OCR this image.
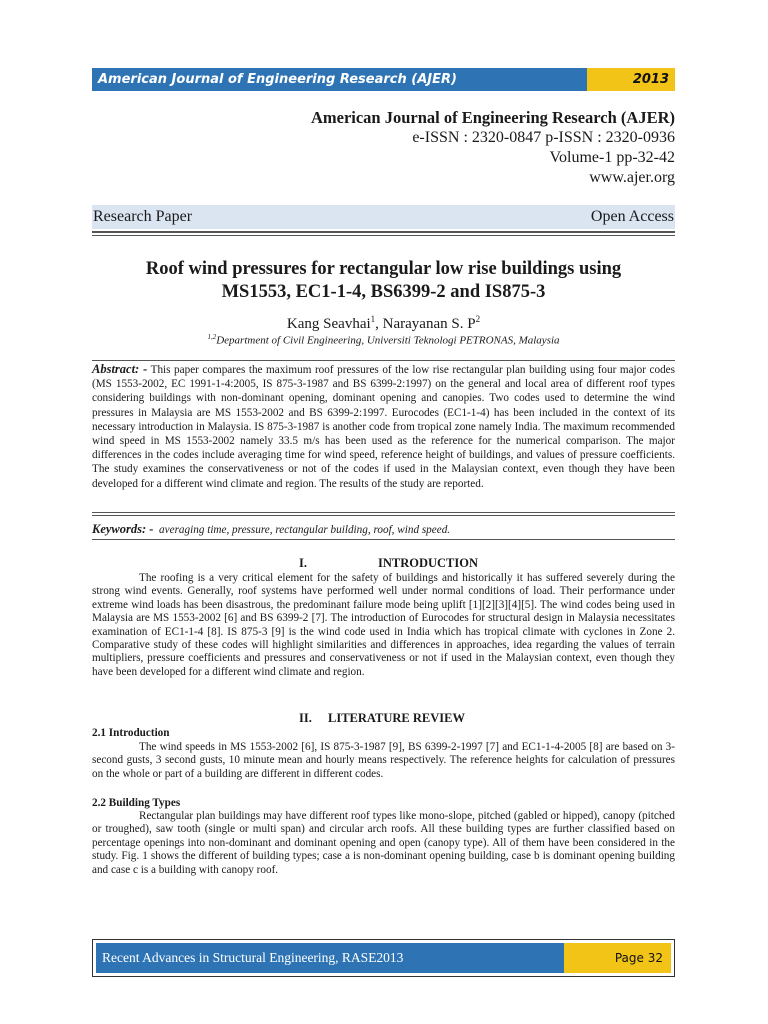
American Journal of Engineering Research (AJER)	2013
American Journal of Engineering Research (AJER)
e-ISSN : 2320-0847 p-ISSN : 2320-0936
Volume-1 pp-32-42
www.ajer.org
Research Paper	Open Access
Roof wind pressures for rectangular low rise buildings using
MS1553, EC1-1-4, BS6399-2 and IS875-3
Kang Seavhai$^1$, Narayanan S. $P^2$
$^{1,2}$Department of Civil Engineering, Universiti Teknologi PETRONAS, Malaysia
Abstract: - This paper compares the maximum roof pressures of the low rise rectangular plan building using four major codes (MS 1553-2002, EC 1991-1-4:2005, IS 875-3-1987 and BS 6399-2:1997) on the general and local area of different roof types considering buildings with non-dominant opening, dominant opening and canopies. Two codes used to determine the wind pressures in Malaysia are MS 1553-2002 and BS 6399-2:1997. Eurocodes (EC1-1-4) has been included in the context of its necessary introduction in Malaysia. IS 875-3-1987 is another code from tropical zone namely India. The maximum recommended wind speed in MS 1553-2002 namely 33.5 m/s has been used as the reference for the numerical comparison. The major differences in the codes include averaging time for wind speed, reference height of buildings, and values of pressure coefficients. The study examines the conservativeness or not of the codes if used in the Malaysian context, even though they have been developed for a different wind climate and region. The results of the study are reported.
Keywords: - averaging time, pressure, rectangular building, roof, wind speed.
I.	INTRODUCTION

The roofing is a very critical element for the safety of buildings and historically it has suffered severely during the strong wind events. Generally, roof systems have performed well under normal conditions of load. Their performance under extreme wind loads has been disastrous, the predominant failure mode being uplift [1][2][3][4][5]. The wind codes being used in Malaysia are MS 1553-2002 [6] and BS 6399-2 [7]. The introduction of Eurocodes for structural design in Malaysia necessitates examination of EC1-1-4 [8]. IS 875-3 [9] is the wind code used in India which has tropical climate with cyclones in Zone 2. Comparative study of these codes will highlight similarities and differences in approaches, idea regarding the values of terrain multipliers, pressure coefficients and pressures and conservativeness or not if used in the Malaysian context, even though they have been developed for a different wind climate and region.

II. LITERATURE REVIEW
2.1 Introduction

The wind speeds in MS 1553-2002 [6], IS 875-3-1987 [9], BS 6399-2-1997 [7] and EC1-1-4-2005 [8] are based on 3-second gusts, 3 second gusts, 10 minute mean and hourly means respectively. The reference heights for calculation of pressures on the whole or part of a building are different in different codes.

2.2 Building Types

Rectangular plan buildings may have different roof types like mono-slope, pitched (gabled or hipped), canopy (pitched or troughed), saw tooth (single or multi span) and circular arch roofs. All these building types are further classified based on percentage openings into non-dominant and dominant opening and open (canopy type). All of them have been considered in the study. Fig. 1 shows the different of building types; case a is non-dominant opening building, case b is dominant opening building and case c is a building with canopy roof.

Recent Advances in Structural Engineering, RASE2013	Page 32
